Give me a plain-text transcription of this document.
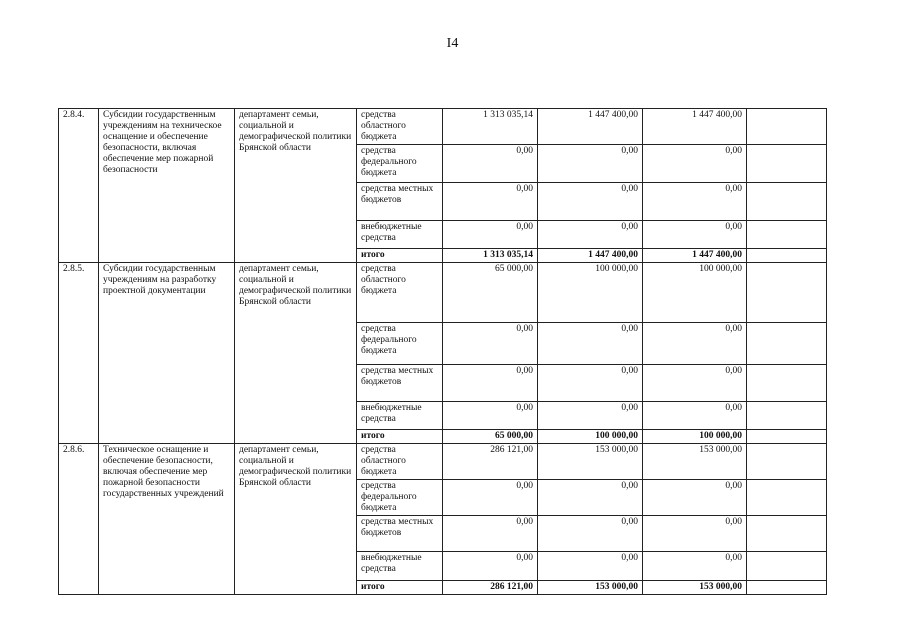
I4
2.8.4.	Субсидии государственным учреждениям на техническое оснащение и обеспечение безопасности, включая обеспечение мер пожарной безопасности	департамент семьи, социальной и демографической политики Брянской области	средства областного бюджета	1 313 035,14	1 447 400,00	1 447 400,00	
			средства федерального бюджета	0,00	0,00	0,00	
			средства местных бюджетов	0,00	0,00	0,00	
			внебюджетные средства	0,00	0,00	0,00	
			итого	1 313 035,14	1 447 400,00	1 447 400,00	
2.8.5.	Субсидии государственным учреждениям на разработку проектной документации	департамент семьи, социальной и демографической политики Брянской области	средства областного бюджета	65 000,00	100 000,00	100 000,00	
			средства федерального бюджета	0,00	0,00	0,00	
			средства местных бюджетов	0,00	0,00	0,00	
			внебюджетные средства	0,00	0,00	0,00	
			итого	65 000,00	100 000,00	100 000,00	
2.8.6.	Техническое оснащение и обеспечение безопасности, включая обеспечение мер пожарной безопасности государственных учреждений	департамент семьи, социальной и демографической политики Брянской области	средства областного бюджета	286 121,00	153 000,00	153 000,00	
			средства федерального бюджета	0,00	0,00	0,00	
			средства местных бюджетов	0,00	0,00	0,00	
			внебюджетные средства	0,00	0,00	0,00	
			итого	286 121,00	153 000,00	153 000,00	
